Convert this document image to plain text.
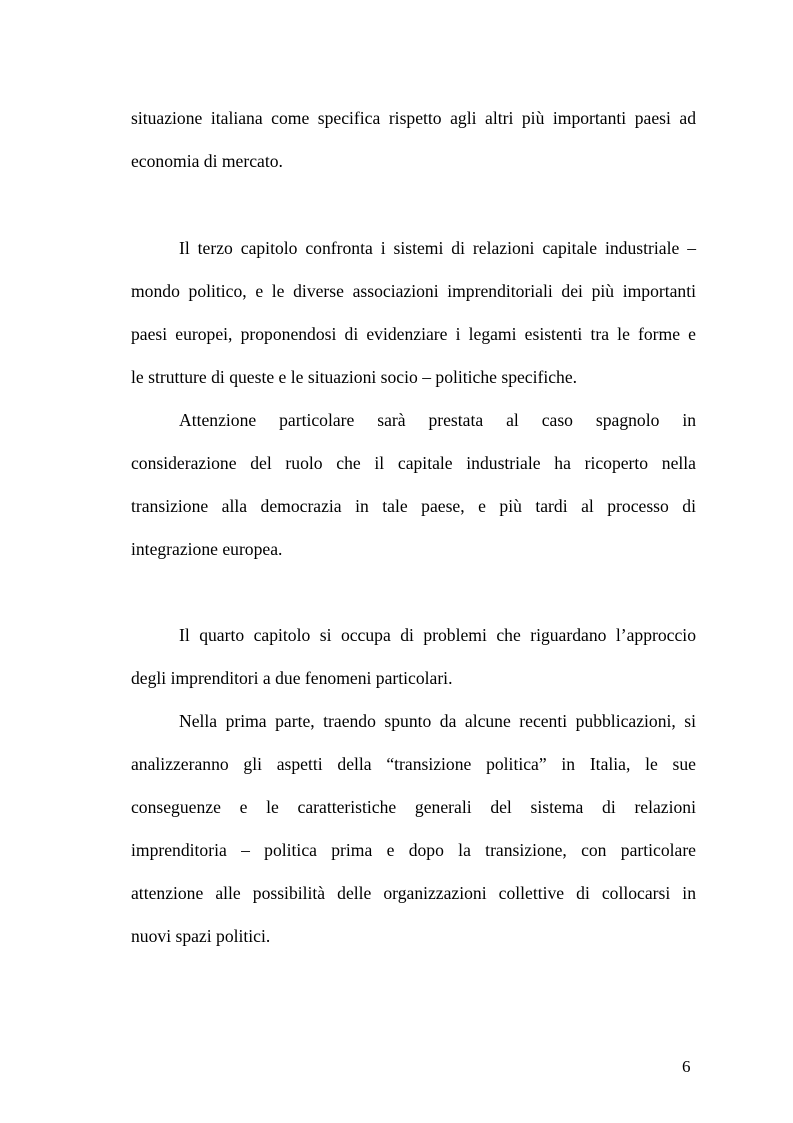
situazione italiana come specifica rispetto agli altri più importanti paesi ad
economia di mercato.
Il terzo capitolo confronta i sistemi di relazioni capitale industriale –
mondo politico, e le diverse associazioni imprenditoriali dei più importanti
paesi europei, proponendosi di evidenziare i legami esistenti tra le forme e
le strutture di queste e le situazioni socio – politiche specifiche.
Attenzione particolare sarà prestata al caso spagnolo in
considerazione del ruolo che il capitale industriale ha ricoperto nella
transizione alla democrazia in tale paese, e più tardi al processo di
integrazione europea.
Il quarto capitolo si occupa di problemi che riguardano l’approccio
degli imprenditori a due fenomeni particolari.
Nella prima parte, traendo spunto da alcune recenti pubblicazioni, si
analizzeranno gli aspetti della “transizione politica” in Italia, le sue
conseguenze e le caratteristiche generali del sistema di relazioni
imprenditoria – politica prima e dopo la transizione, con particolare
attenzione alle possibilità delle organizzazioni collettive di collocarsi in
nuovi spazi politici.
6
